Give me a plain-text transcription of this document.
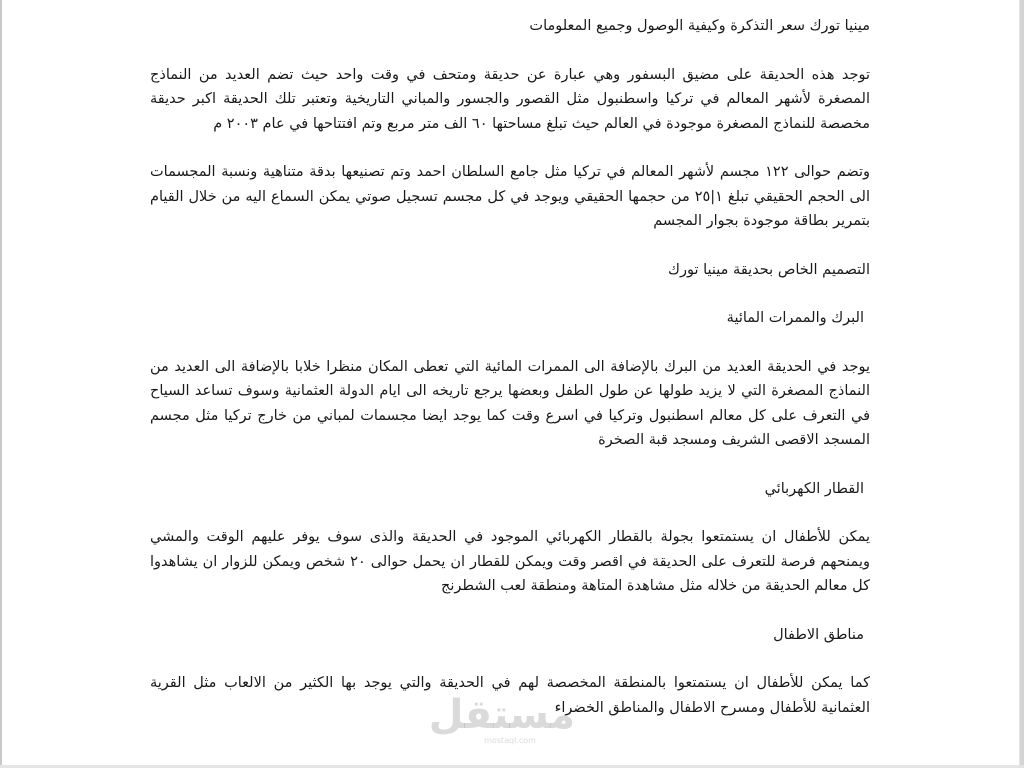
مينيا تورك سعر التذكرة وكيفية الوصول وجميع المعلومات

توجد هذه الحديقة على مضيق البسفور وهي عبارة عن حديقة ومتحف في وقت واحد حيث تضم العديد من النماذج المصغرة لأشهر المعالم في تركيا واسطنبول مثل القصور والجسور والمباني التاريخية وتعتبر تلك الحديقة اكبر حديقة مخصصة للنماذج المصغرة موجودة في العالم حيث تبلغ مساحتها ٦٠ الف متر مربع وتم افتتاحها في عام ٢٠٠٣ م

وتضم حوالى ١٢٢ مجسم لأشهر المعالم في تركيا مثل جامع السلطان احمد وتم تصنيعها بدقة متناهية ونسبة المجسمات الى الحجم الحقيقي تبلغ ١|٢٥ من حجمها الحقيقي ويوجد في كل مجسم تسجيل صوتي يمكن السماع اليه من خلال القيام بتمرير بطاقة موجودة بجوار المجسم

التصميم الخاص بحديقة مينيا تورك

البرك والممرات المائية

يوجد في الحديقة العديد من البرك بالإضافة الى الممرات المائية التي تعطى المكان منظرا خلابا بالإضافة الى العديد من النماذج المصغرة التي لا يزيد طولها عن طول الطفل وبعضها يرجع تاريخه الى ايام الدولة العثمانية وسوف تساعد السياح في التعرف على كل معالم اسطنبول وتركيا في اسرع وقت كما يوجد ايضا مجسمات لمباني من خارج تركيا مثل مجسم المسجد الاقصى الشريف ومسجد قبة الصخرة

القطار الكهربائي

يمكن للأطفال ان يستمتعوا بجولة بالقطار الكهربائي الموجود في الحديقة والذى سوف يوفر عليهم الوقت والمشي ويمنحهم فرصة للتعرف على الحديقة في اقصر وقت ويمكن للقطار ان يحمل حوالى ٢٠ شخص ويمكن للزوار ان يشاهدوا كل معالم الحديقة من خلاله مثل مشاهدة المتاهة ومنطقة لعب الشطرنج

مناطق الاطفال

كما يمكن للأطفال ان يستمتعوا بالمنطقة المخصصة لهم في الحديقة والتي يوجد بها الكثير من الالعاب مثل القرية العثمانية للأطفال ومسرح الاطفال والمناطق الخضراء

مستقل
mostaql.com
